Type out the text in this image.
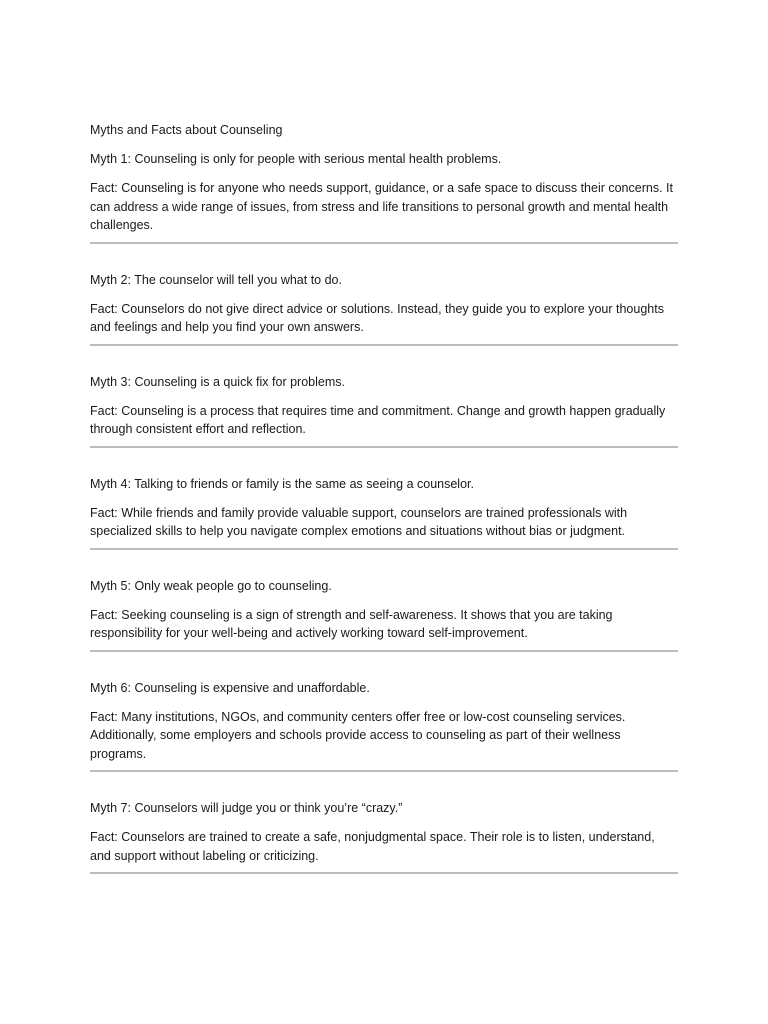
Myths and Facts about Counseling
Myth 1: Counseling is only for people with serious mental health problems.
Fact: Counseling is for anyone who needs support, guidance, or a safe space to discuss their concerns. It can address a wide range of issues, from stress and life transitions to personal growth and mental health challenges.
Myth 2: The counselor will tell you what to do.
Fact: Counselors do not give direct advice or solutions. Instead, they guide you to explore your thoughts and feelings and help you find your own answers.
Myth 3: Counseling is a quick fix for problems.
Fact: Counseling is a process that requires time and commitment. Change and growth happen gradually through consistent effort and reflection.
Myth 4: Talking to friends or family is the same as seeing a counselor.
Fact: While friends and family provide valuable support, counselors are trained professionals with specialized skills to help you navigate complex emotions and situations without bias or judgment.
Myth 5: Only weak people go to counseling.
Fact: Seeking counseling is a sign of strength and self-awareness. It shows that you are taking responsibility for your well-being and actively working toward self-improvement.
Myth 6: Counseling is expensive and unaffordable.
Fact: Many institutions, NGOs, and community centers offer free or low-cost counseling services. Additionally, some employers and schools provide access to counseling as part of their wellness programs.
Myth 7: Counselors will judge you or think you’re “crazy.”
Fact: Counselors are trained to create a safe, nonjudgmental space. Their role is to listen, understand, and support without labeling or criticizing.
